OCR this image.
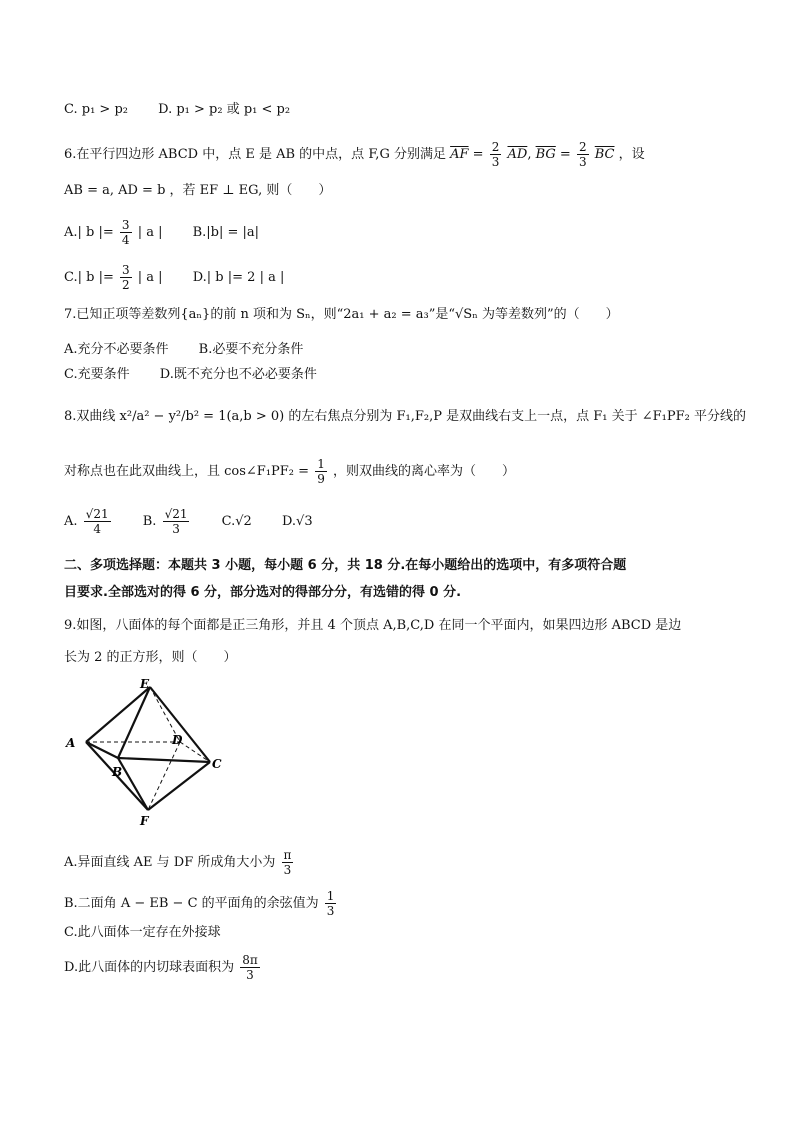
C. p₁ > p₂ D. p₁ > p₂ 或 p₁ < p₂
6.在平行四边形 ABCD 中，点 E 是 AB 的中点，点 F,G 分别满足 $\overline{AF} = \frac{2}{3} \overline{AD}$, $\overline{BG} = \frac{2}{3} \overline{BC}$ ，设
AB = a, AD = b ，若 EF ⊥ EG, 则（　　）
A.| b |= $\frac{3}{4}$ | a | B.|b| = |a|
C.| b |= $\frac{3}{2}$ | a | D.| b |= 2 | a |
7.已知正项等差数列{aₙ}的前 n 项和为 Sₙ，则“2a₁ + a₂ = a₃”是“√Sₙ 为等差数列”的（　　）
A.充分不必要条件 B.必要不充分条件
C.充要条件 D.既不充分也不必必要条件
8.双曲线 x²/a² − y²/b² = 1(a,b > 0) 的左右焦点分别为 F₁,F₂,P 是双曲线右支上一点，点 F₁ 关于 ∠F₁PF₂ 平分线的
对称点也在此双曲线上，且 cos∠F₁PF₂ = $\frac{1}{9}$ ，则双曲线的离心率为（　　）
A. $\frac{√21}{4} B$. $\frac{√21}{3} C.√2$ D.√3
二、多项选择题：本题共 3 小题，每小题 6 分，共 18 分.在每小题给出的选项中，有多项符合题
目要求.全部选对的得 6 分，部分选对的得部分分，有选错的得 0 分.
9.如图，八面体的每个面都是正三角形，并且 4 个顶点 A,B,C,D 在同一个平面内，如果四边形 ABCD 是边
长为 2 的正方形，则（　　）
E
A	D
B
C
F
A.异面直线 AE 与 DF 所成角大小为 $\frac{\pi}{3}$
B.二面角 A − EB − C 的平面角的余弦值为 $\frac{1}{3}$
C.此八面体一定存在外接球
D.此八面体的内切球表面积为 $\frac{8\pi}{3}$
